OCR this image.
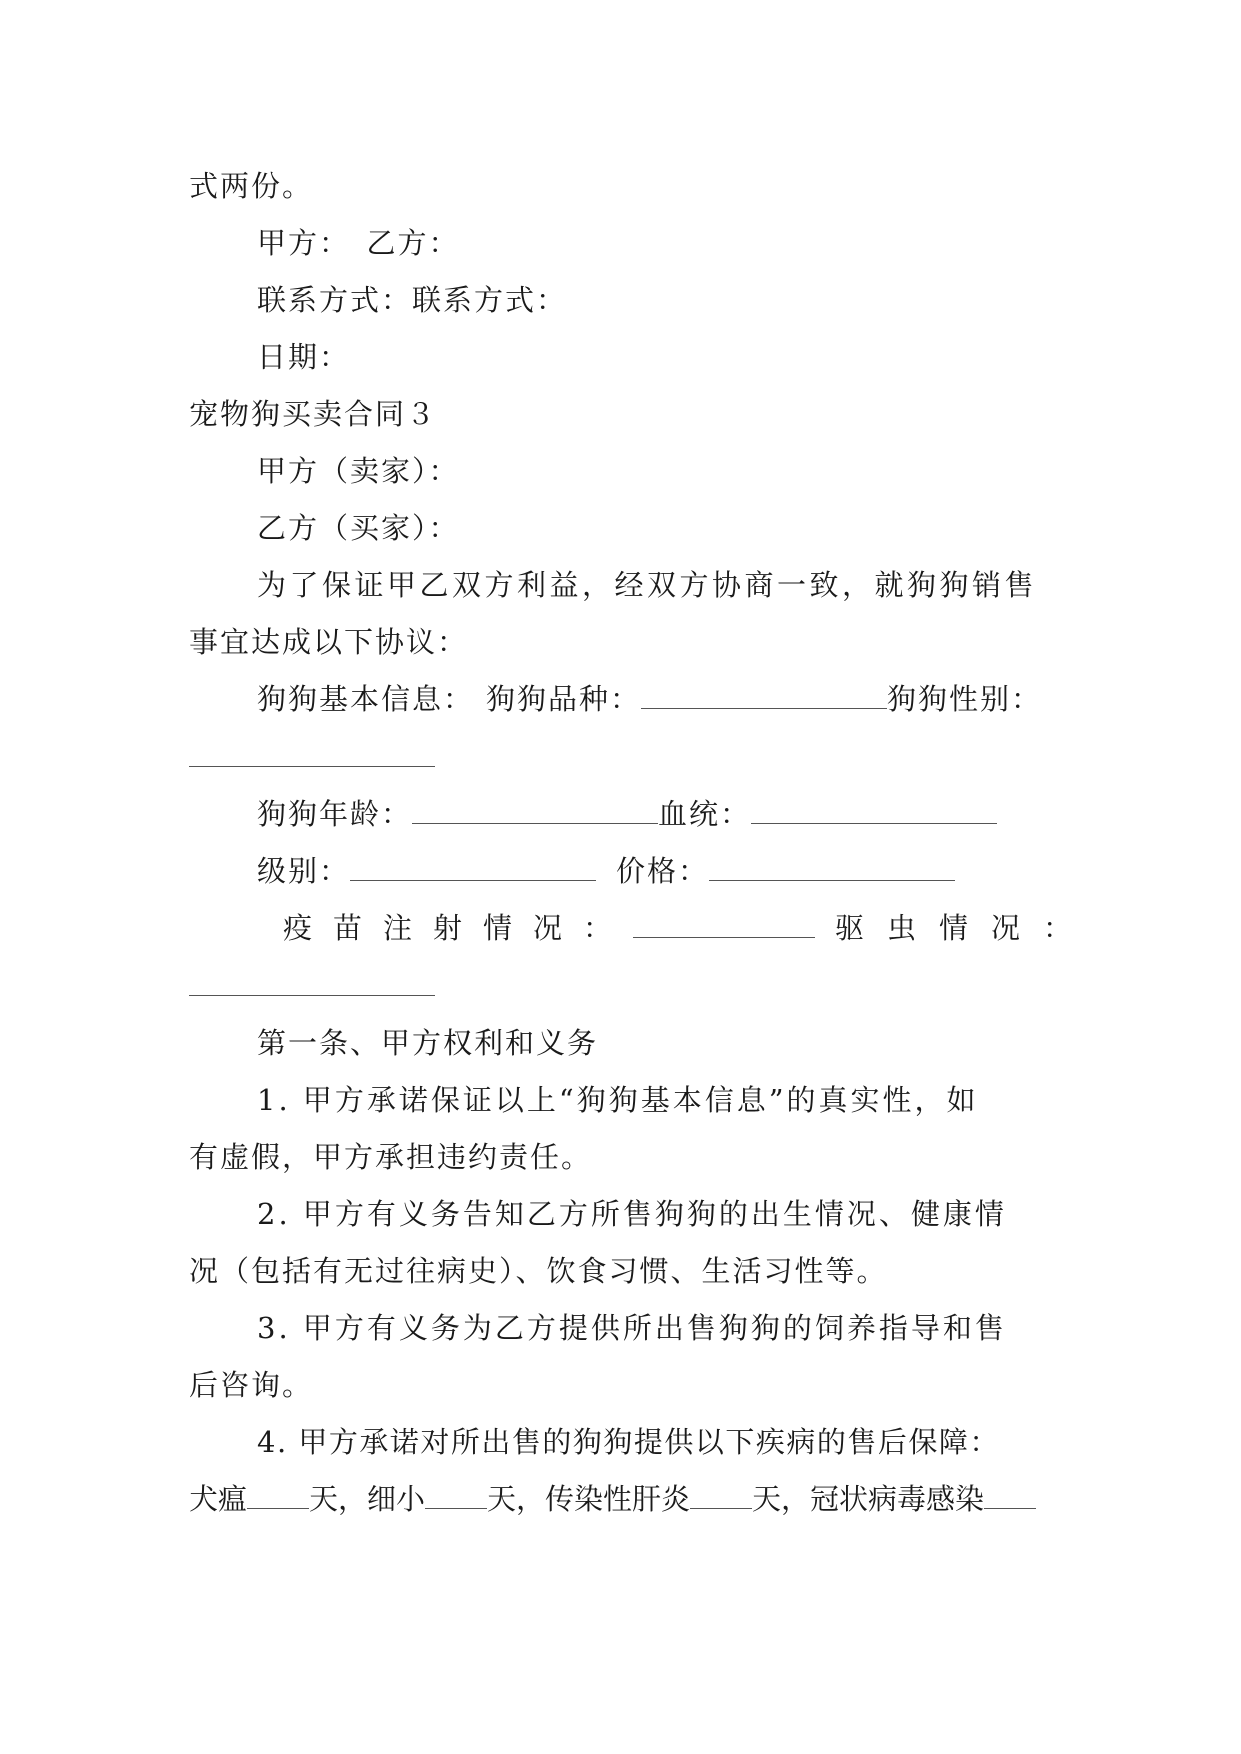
式两份。
甲方：　乙方：
联系方式：联系方式：
日期：
宠物狗买卖合同３
甲方（卖家）：
乙方（买家）：
为了保证甲乙双方利益，经双方协商一致，就狗狗销售
事宜达成以下协议：
狗狗基本信息： 狗狗品种：	狗狗性别：
狗狗年龄：	血统：
级别：	价格：
疫苗注射情况：	驱虫情况：
第一条、甲方权利和义务
1. 甲方承诺保证以上“狗狗基本信息”的真实性，如
有虚假，甲方承担违约责任。
2. 甲方有义务告知乙方所售狗狗的出生情况、健康情
况（包括有无过往病史）、饮食习惯、生活习性等。
3. 甲方有义务为乙方提供所出售狗狗的饲养指导和售
后咨询。
4. 甲方承诺对所出售的狗狗提供以下疾病的售后保障：
犬瘟 天，细小 天，传染性肝炎 天，冠状病毒感染
